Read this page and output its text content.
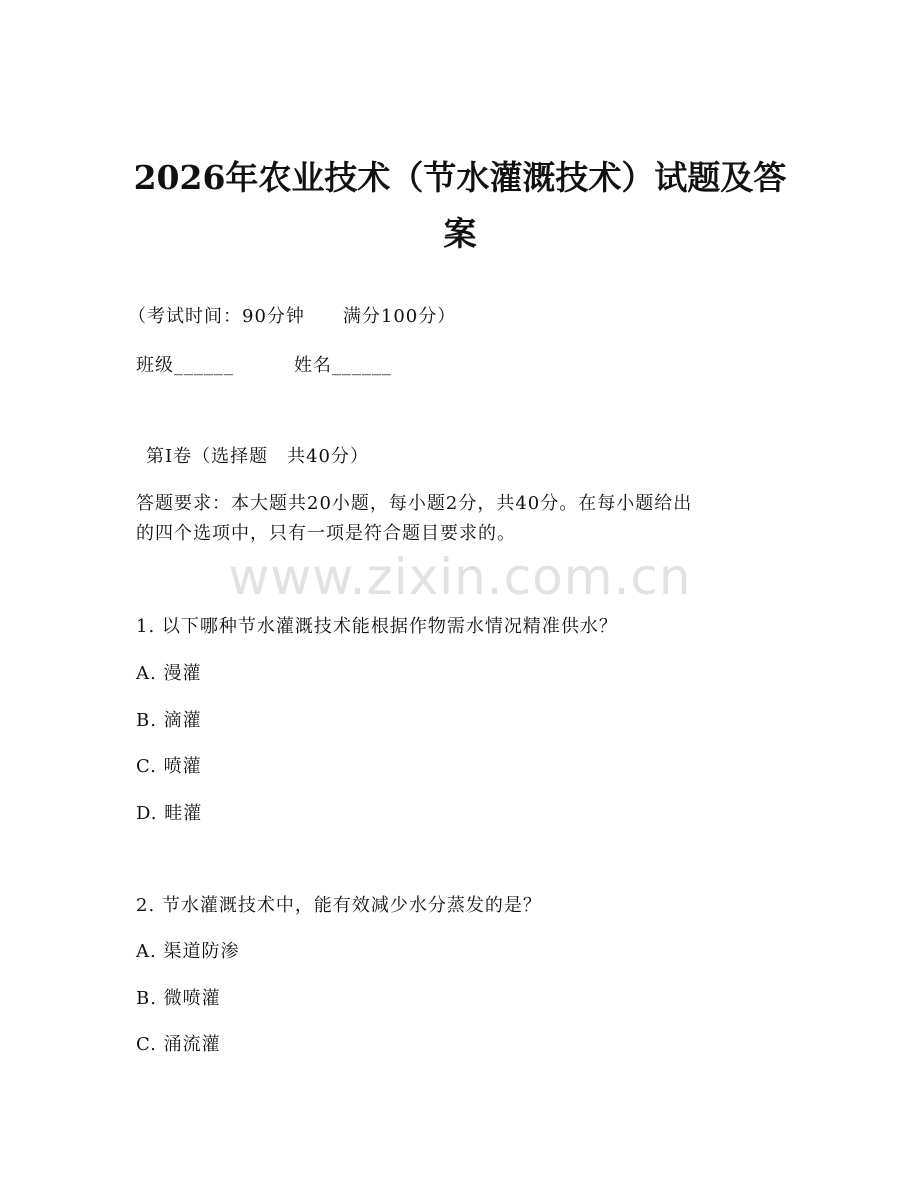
2026年农业技术（节水灌溉技术）试题及答
案
（考试时间：90分钟　　满分100分）
班级______	姓名______
第I卷（选择题　共40分）
答题要求：本大题共20小题，每小题2分，共40分。在每小题给出
的四个选项中，只有一项是符合题目要求的。
www.zixin.com.cn
1. 以下哪种节水灌溉技术能根据作物需水情况精准供水？
A. 漫灌
B. 滴灌
C. 喷灌
D. 畦灌
2. 节水灌溉技术中，能有效减少水分蒸发的是？
A. 渠道防渗
B. 微喷灌
C. 涌流灌
